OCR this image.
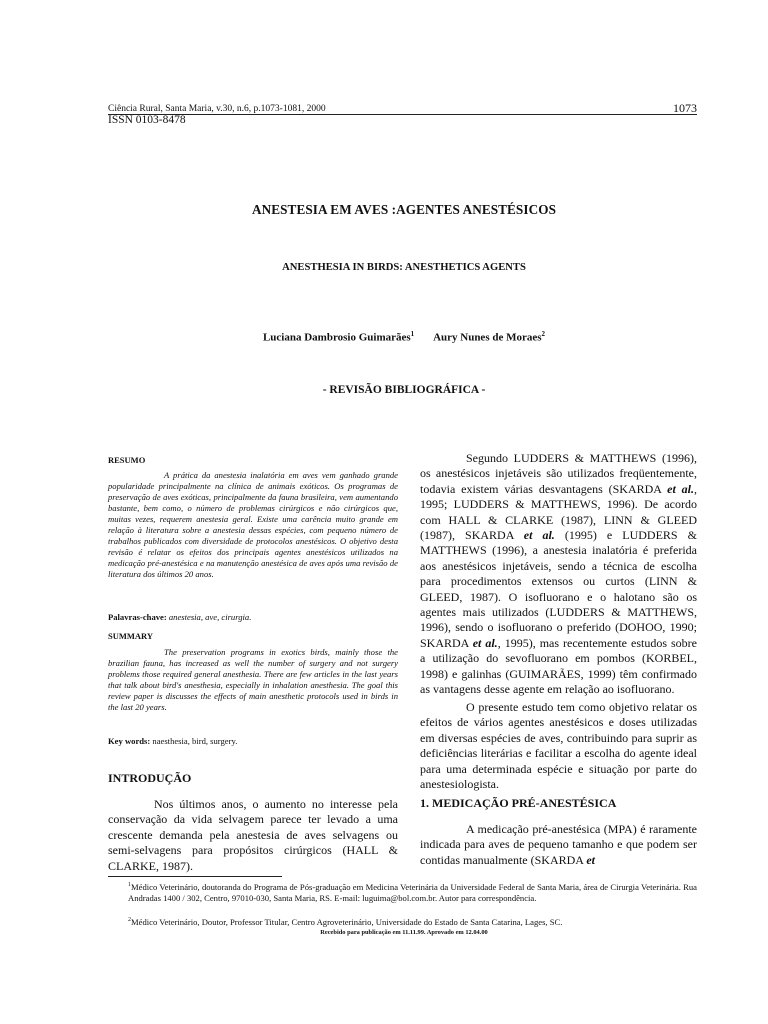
Ciência Rural, Santa Maria, v.30, n.6, p.1073-1081, 2000	1073
ISSN 0103-8478
ANESTESIA EM AVES :AGENTES ANESTÉSICOS
ANESTHESIA IN BIRDS: ANESTHETICS AGENTS
Luciana Dambrosio Guimarães$^1$ Aury Nunes de Moraes$^2$
- REVISÃO BIBLIOGRÁFICA -
RESUMO
A prática da anestesia inalatória em aves vem ganhado grande popularidade principalmente na clínica de animais exóticos. Os programas de preservação de aves exóticas, principalmente da fauna brasileira, vem aumentando bastante, bem como, o número de problemas cirúrgicos e não cirúrgicos que, muitas vezes, requerem anestesia geral. Existe uma carência muito grande em relação à literatura sobre a anestesia dessas espécies, com pequeno número de trabalhos publicados com diversidade de protocolos anestésicos. O objetivo desta revisão é relatar os efeitos dos principais agentes anestésicos utilizados na medicação pré-anestésica e na manutenção anestésica de aves após uma revisão de literatura dos últimos 20 anos.
Palavras-chave: anestesia, ave, cirurgia.
SUMMARY
The preservation programs in exotics birds, mainly those the brazilian fauna, has increased as well the number of surgery and not surgery problems those required general anesthesia. There are few articles in the last years that talk about bird's anesthesia, especially in inhalation anesthesia. The goal this review paper is discusses the effects of main anesthetic protocols used in birds in the last 20 years.
Key words: naesthesia, bird, surgery.
INTRODUÇÃO
Nos últimos anos, o aumento no interesse pela conservação da vida selvagem parece ter levado a uma crescente demanda pela anestesia de aves selvagens ou semi-selvagens para propósitos cirúrgicos (HALL & CLARKE, 1987).
Segundo LUDDERS & MATTHEWS (1996), os anestésicos injetáveis são utilizados freqüentemente, todavia existem várias desvantagens (SKARDA et al., 1995; LUDDERS & MATTHEWS, 1996). De acordo com HALL & CLARKE (1987), LINN & GLEED (1987), SKARDA et al. (1995) e LUDDERS & MATTHEWS (1996), a anestesia inalatória é preferida aos anestésicos injetáveis, sendo a técnica de escolha para procedimentos extensos ou curtos (LINN & GLEED, 1987). O isofluorano e o halotano são os agentes mais utilizados (LUDDERS & MATTHEWS, 1996), sendo o isofluorano o preferido (DOHOO, 1990; SKARDA et al., 1995), mas recentemente estudos sobre a utilização do sevofluorano em pombos (KORBEL, 1998) e galinhas (GUIMARÃES, 1999) têm confirmado as vantagens desse agente em relação ao isofluorano.
O presente estudo tem como objetivo relatar os efeitos de vários agentes anestésicos e doses utilizadas em diversas espécies de aves, contribuindo para suprir as deficiências literárias e facilitar a escolha do agente ideal para uma determinada espécie e situação por parte do anestesiologista.
1. MEDICAÇÃO PRÉ-ANESTÉSICA
A medicação pré-anestésica (MPA) é raramente indicada para aves de pequeno tamanho e que podem ser contidas manualmente (SKARDA et
$^1$Médico Veterinário, doutoranda do Programa de Pós-graduação em Medicina Veterinária da Universidade Federal de Santa Maria, área de Cirurgia Veterinária. Rua Andradas 1400 / 302, Centro, 97010-030, Santa Maria, RS. E-mail: luguima@bol.com.br. Autor para correspondência.
$^2$Médico Veterinário, Doutor, Professor Titular, Centro Agroveterinário, Universidade do Estado de Santa Catarina, Lages, SC.
Recebido para publicação em 11.11.99. Aprovado em 12.04.00
